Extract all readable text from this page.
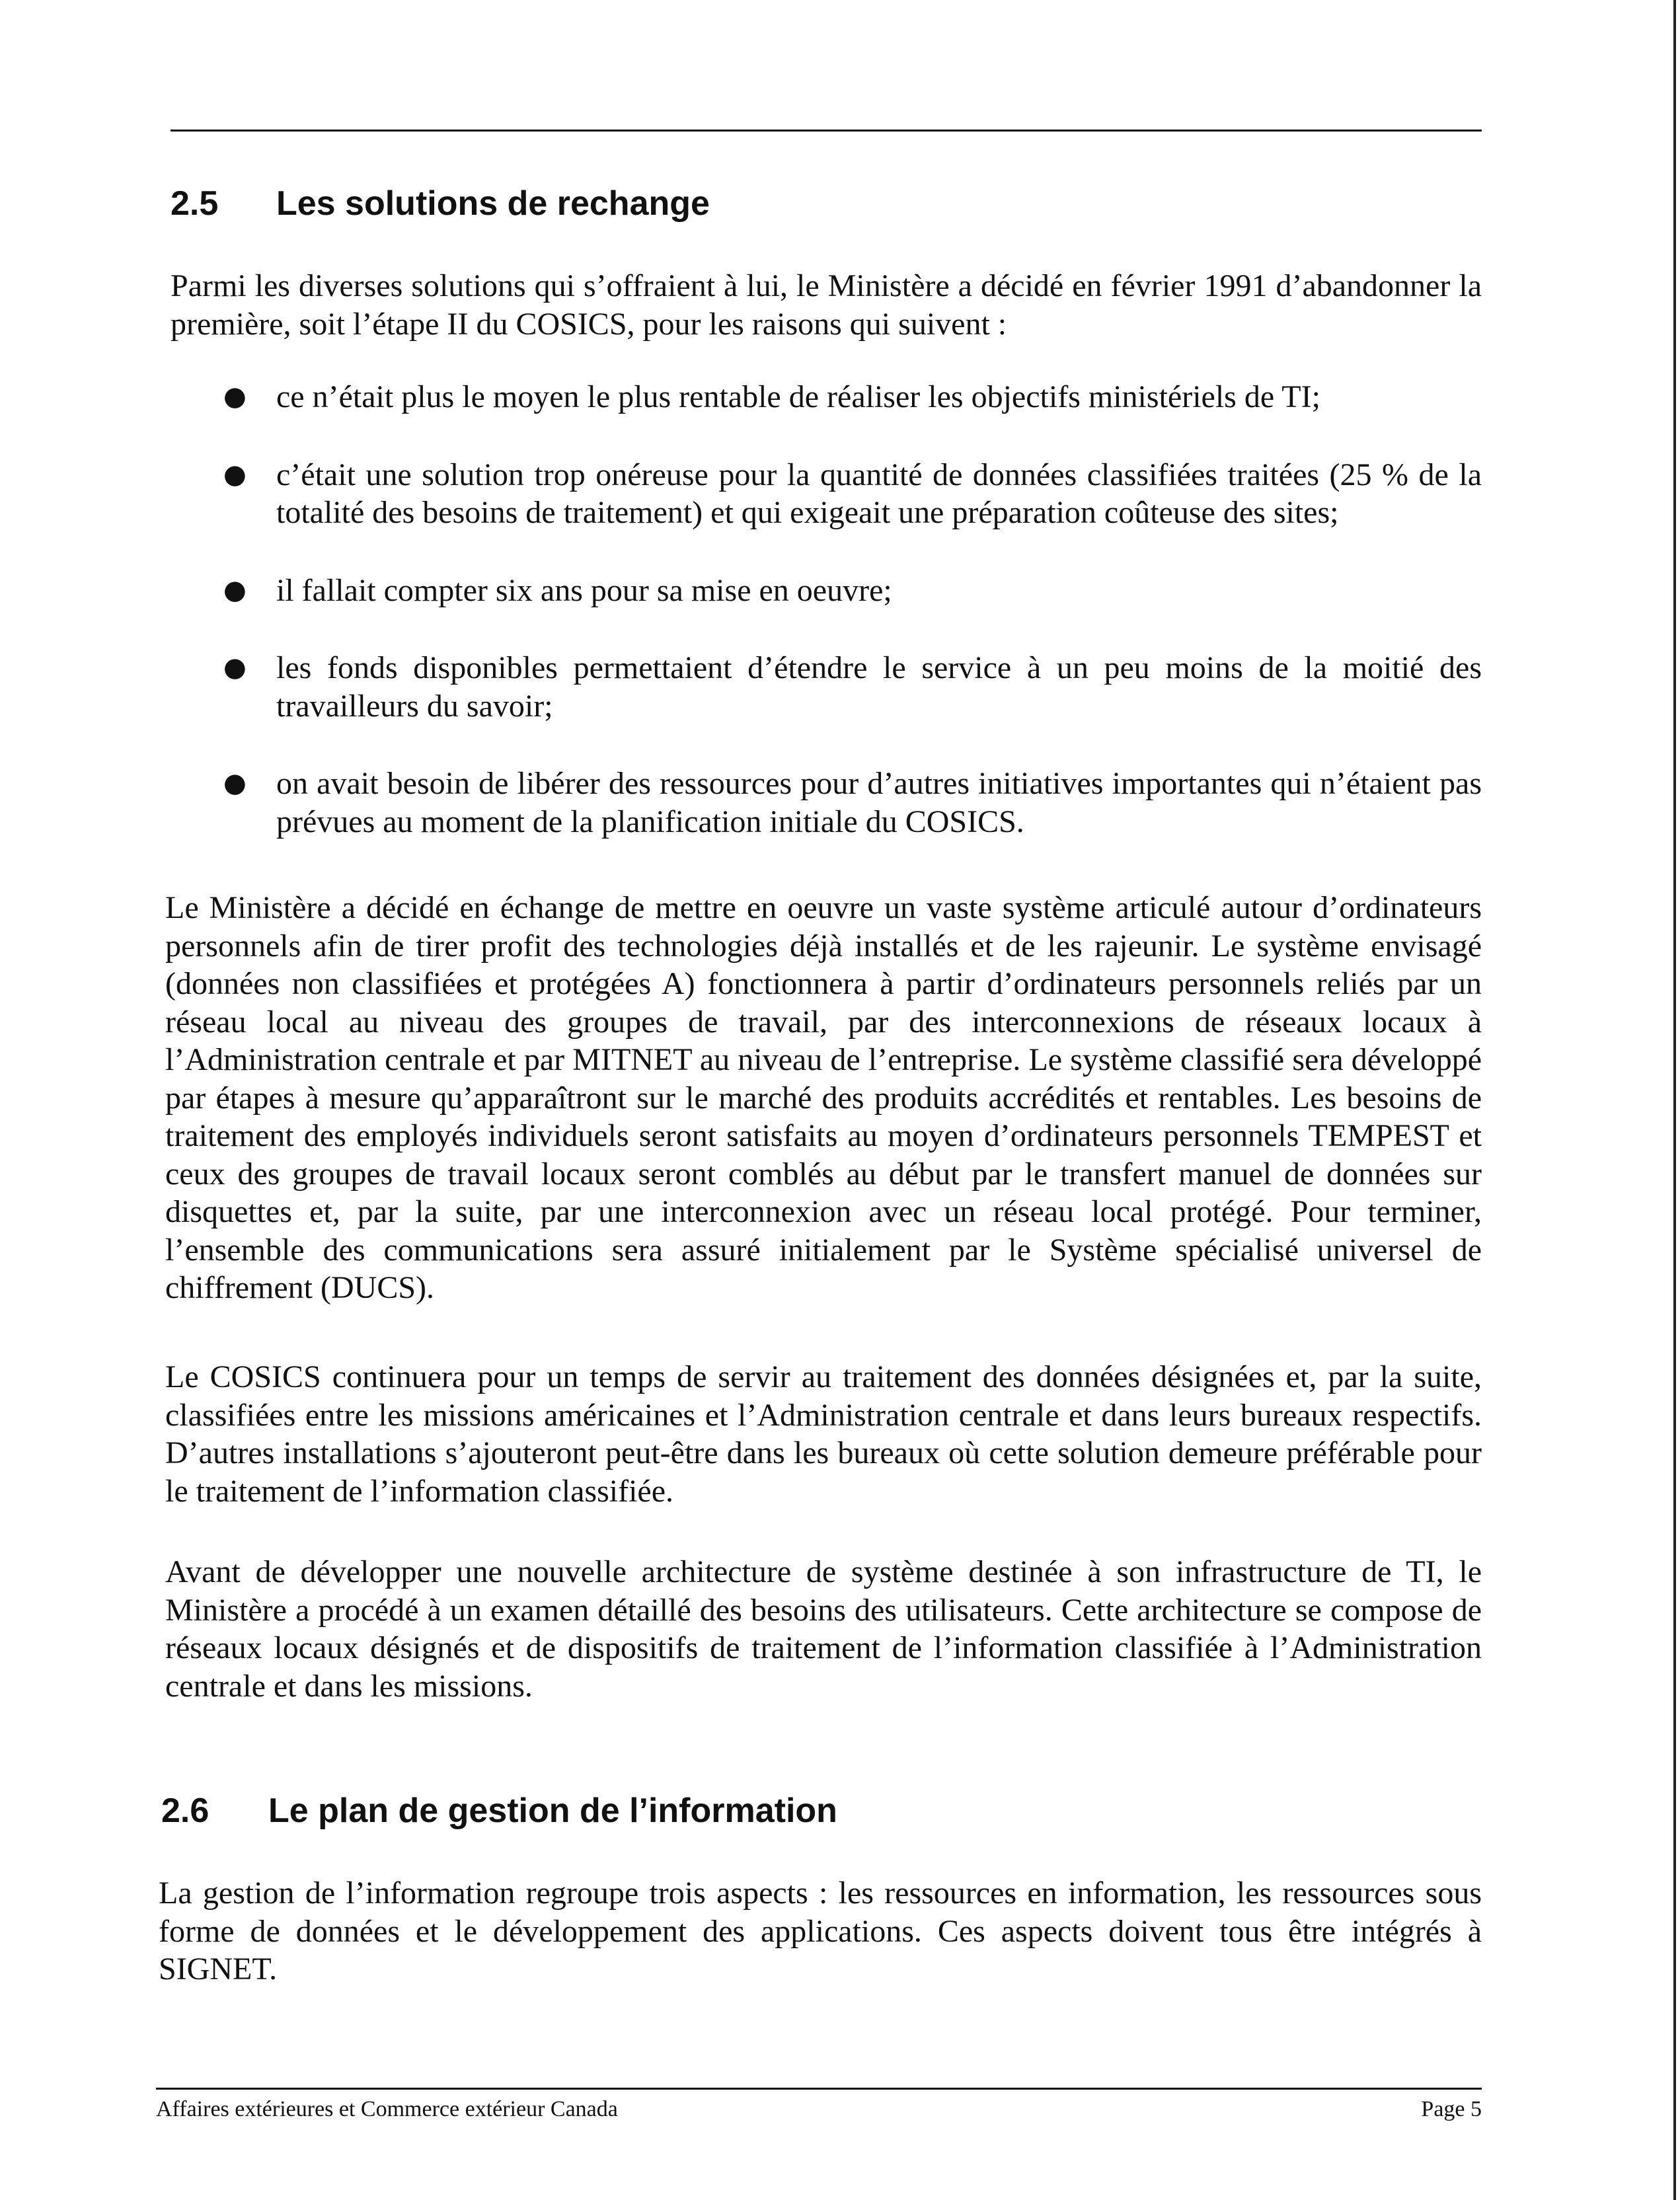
2.5 Les solutions de rechange

Parmi les diverses solutions qui s’offraient à lui, le Ministère a décidé en février 1991 d’abandonner la première, soit l’étape II du COSICS, pour les raisons qui suivent :

● ce n’était plus le moyen le plus rentable de réaliser les objectifs ministériels de TI;
● c’était une solution trop onéreuse pour la quantité de données classifiées traitées (25 % de la totalité des besoins de traitement) et qui exigeait une préparation coûteuse des sites;
● il fallait compter six ans pour sa mise en oeuvre;
● les fonds disponibles permettaient d’étendre le service à un peu moins de la moitié des travailleurs du savoir;
● on avait besoin de libérer des ressources pour d’autres initiatives importantes qui n’étaient pas prévues au moment de la planification initiale du COSICS.

Le Ministère a décidé en échange de mettre en oeuvre un vaste système articulé autour d’ordinateurs personnels afin de tirer profit des technologies déjà installés et de les rajeunir. Le système envisagé (données non classifiées et protégées A) fonctionnera à partir d’ordinateurs personnels reliés par un réseau local au niveau des groupes de travail, par des interconnexions de réseaux locaux à l’Administration centrale et par MITNET au niveau de l’entreprise. Le système classifié sera développé par étapes à mesure qu’apparaîtront sur le marché des produits accrédités et rentables. Les besoins de traitement des employés individuels seront satisfaits au moyen d’ordinateurs personnels TEMPEST et ceux des groupes de travail locaux seront comblés au début par le transfert manuel de données sur disquettes et, par la suite, par une interconnexion avec un réseau local protégé. Pour terminer, l’ensemble des communications sera assuré initialement par le Système spécialisé universel de chiffrement (DUCS).

Le COSICS continuera pour un temps de servir au traitement des données désignées et, par la suite, classifiées entre les missions américaines et l’Administration centrale et dans leurs bureaux respectifs. D’autres installations s’ajouteront peut-être dans les bureaux où cette solution demeure préférable pour le traitement de l’information classifiée.

Avant de développer une nouvelle architecture de système destinée à son infrastructure de TI, le Ministère a procédé à un examen détaillé des besoins des utilisateurs. Cette architecture se compose de réseaux locaux désignés et de dispositifs de traitement de l’information classifiée à l’Administration centrale et dans les missions.

2.6 Le plan de gestion de l’information

La gestion de l’information regroupe trois aspects : les ressources en information, les ressources sous forme de données et le développement des applications. Ces aspects doivent tous être intégrés à SIGNET.

Affaires extérieures et Commerce extérieur Canada	Page 5
